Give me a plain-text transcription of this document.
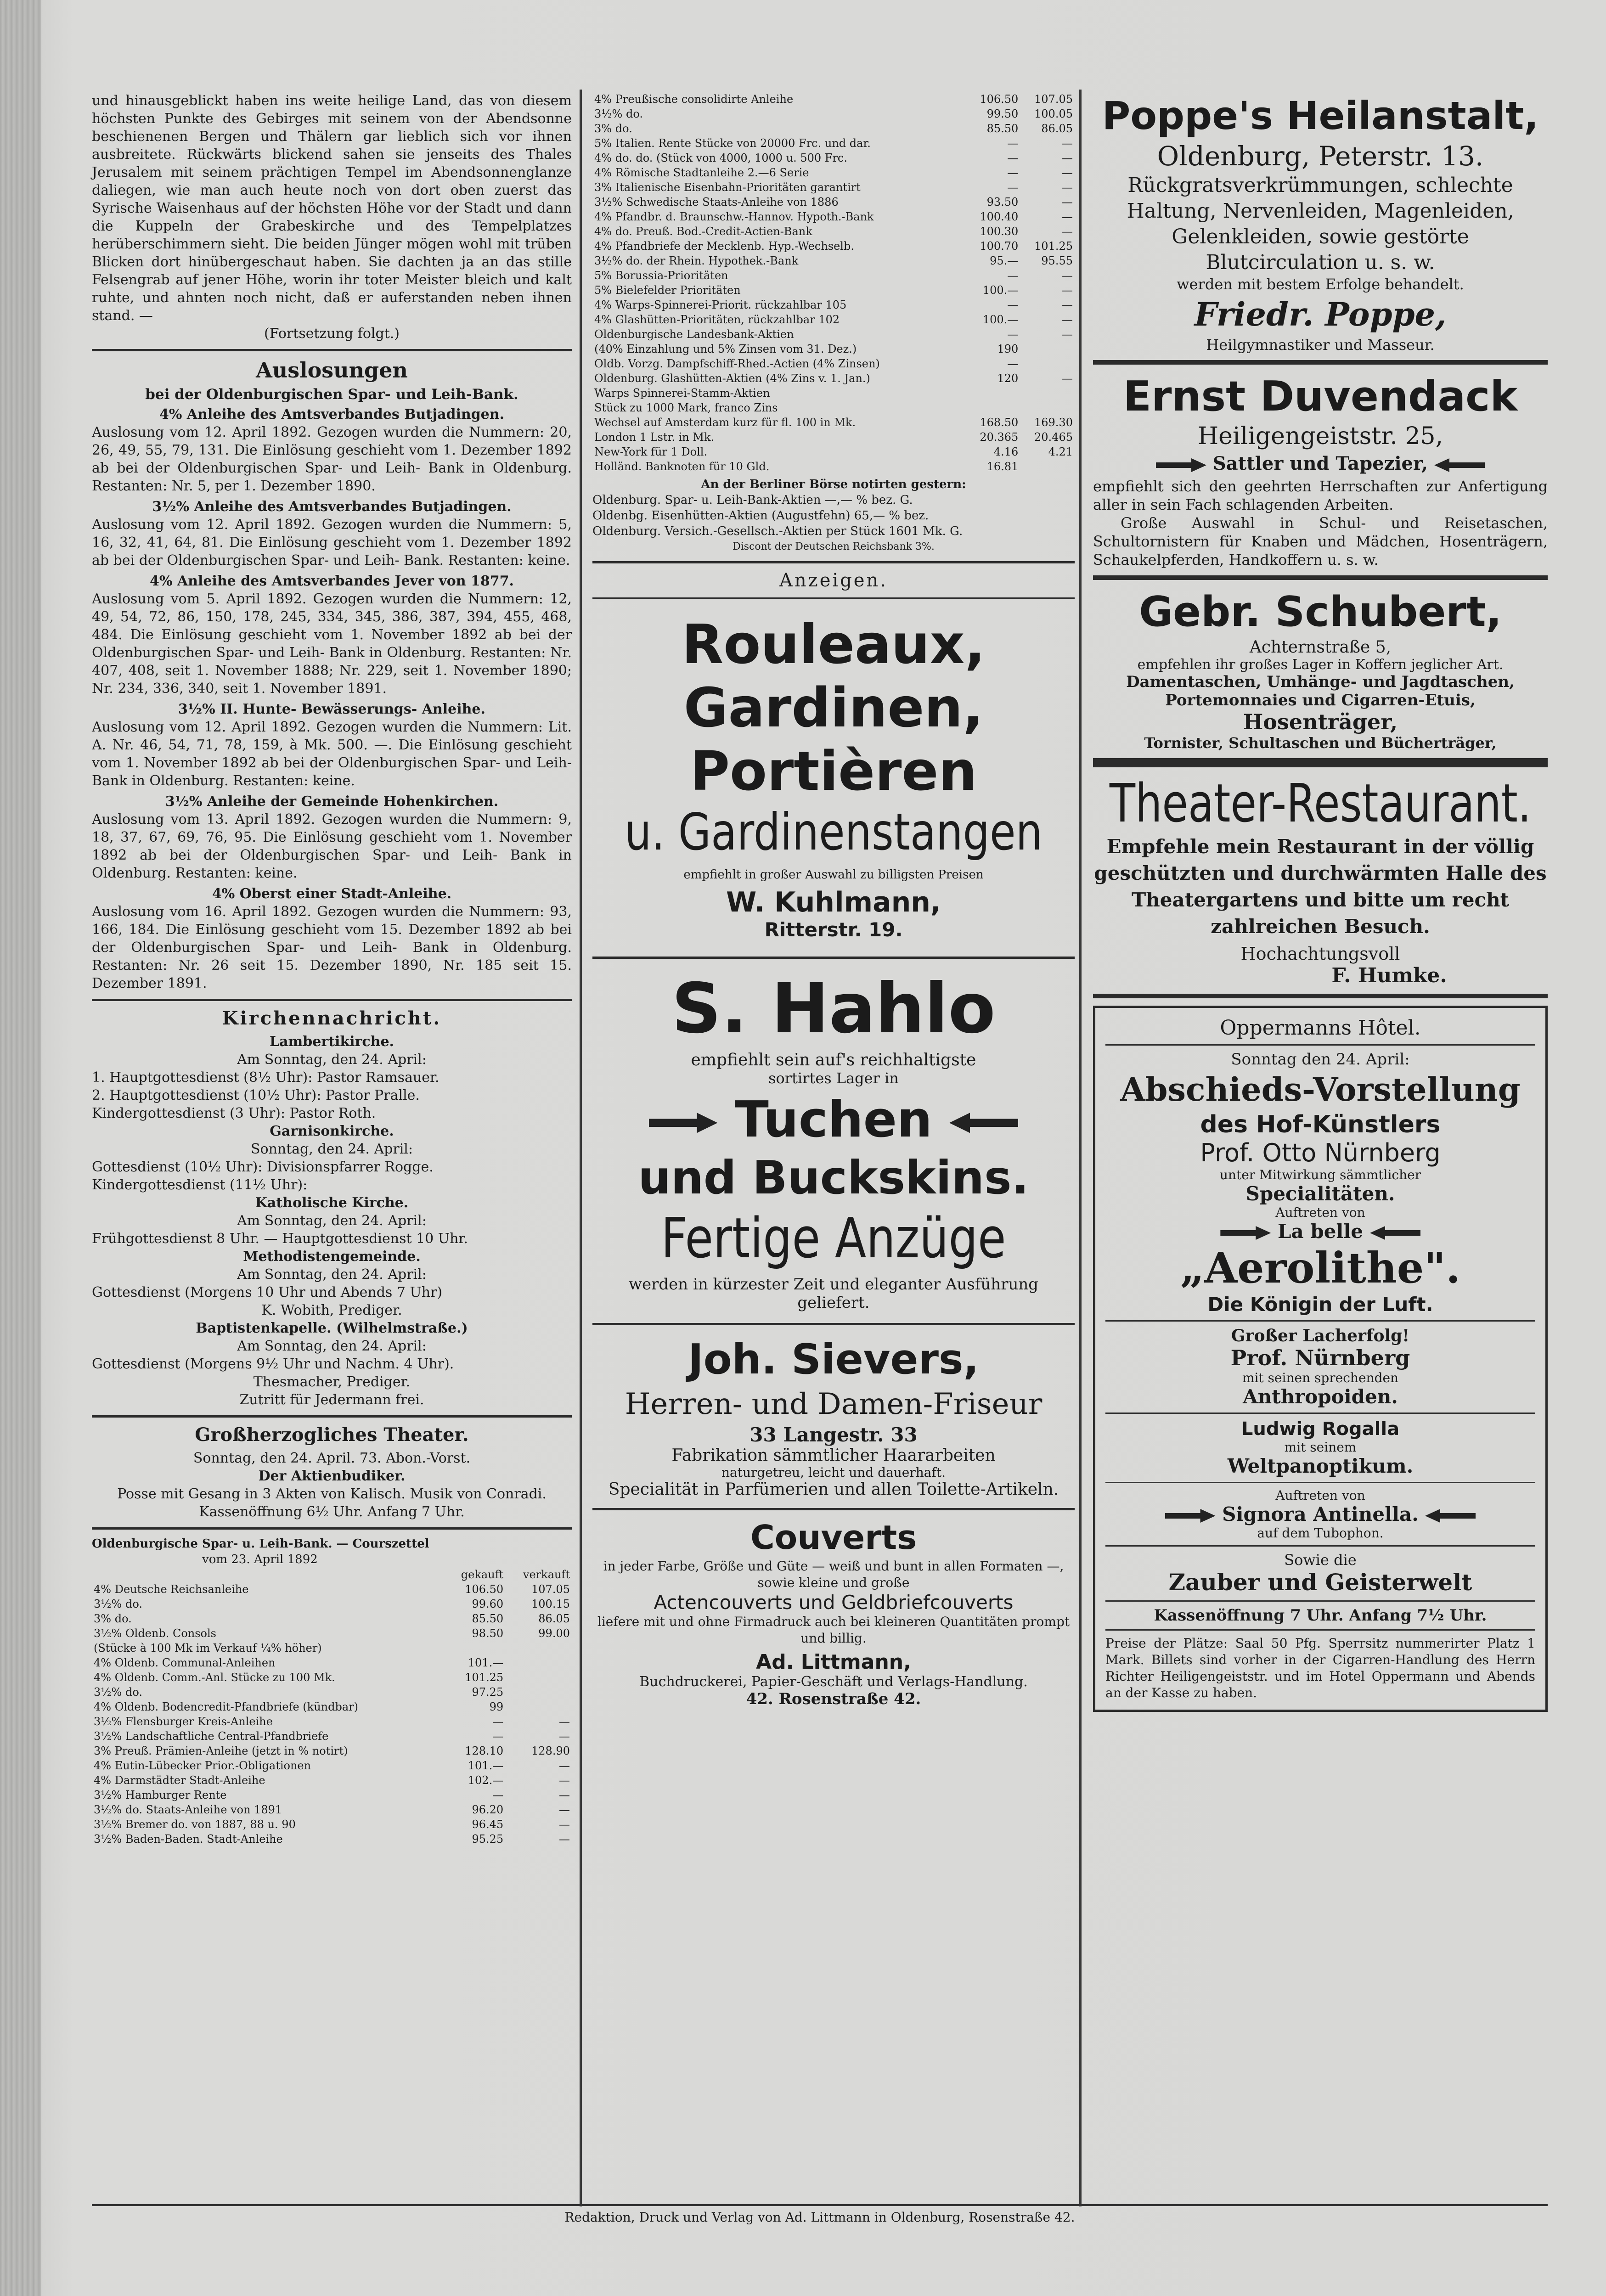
und hinausgeblickt haben ins weite heilige Land, das von diesem höchsten Punkte des Gebirges mit seinem von der Abendsonne beschienenen Bergen und Thälern gar lieblich sich vor ihnen ausbreitete. Rückwärts blickend sahen sie jenseits des Thales Jerusalem mit seinem prächtigen Tempel im Abendsonnenglanze daliegen, wie man auch heute noch von dort oben zuerst das Syrische Waisenhaus auf der höchsten Höhe vor der Stadt und dann die Kuppeln der Grabeskirche und des Tempelplatzes herüberschimmern sieht. Die beiden Jünger mögen wohl mit trüben Blicken dort hinübergeschaut haben. Sie dachten ja an das stille Felsengrab auf jener Höhe, worin ihr toter Meister bleich und kalt ruhte, und ahnten noch nicht, daß er auferstanden neben ihnen stand. —

(Fortsetzung folgt.)

Auslosungen
bei der Oldenburgischen Spar- und Leih-Bank.

4% Anleihe des Amtsverbandes Butjadingen.

Auslosung vom 12. April 1892. Gezogen wurden die Nummern: 20, 26, 49, 55, 79, 131. Die Einlösung geschieht vom 1. Dezember 1892 ab bei der Oldenburgischen Spar- und Leih- Bank in Oldenburg. Restanten: Nr. 5, per 1. Dezember 1890.

3½% Anleihe des Amtsverbandes Butjadingen.

Auslosung vom 12. April 1892. Gezogen wurden die Nummern: 5, 16, 32, 41, 64, 81. Die Einlösung geschieht vom 1. Dezember 1892 ab bei der Oldenburgischen Spar- und Leih- Bank. Restanten: keine.

4% Anleihe des Amtsverbandes Jever von 1877.

Auslosung vom 5. April 1892. Gezogen wurden die Nummern: 12, 49, 54, 72, 86, 150, 178, 245, 334, 345, 386, 387, 394, 455, 468, 484. Die Einlösung geschieht vom 1. November 1892 ab bei der Oldenburgischen Spar- und Leih- Bank in Oldenburg. Restanten: Nr. 407, 408, seit 1. November 1888; Nr. 229, seit 1. November 1890; Nr. 234, 336, 340, seit 1. November 1891.

3½% II. Hunte- Bewässerungs- Anleihe.

Auslosung vom 12. April 1892. Gezogen wurden die Nummern: Lit. A. Nr. 46, 54, 71, 78, 159, à Mk. 500. —. Die Einlösung geschieht vom 1. November 1892 ab bei der Oldenburgischen Spar- und Leih- Bank in Oldenburg. Restanten: keine.

3½% Anleihe der Gemeinde Hohenkirchen.

Auslosung vom 13. April 1892. Gezogen wurden die Nummern: 9, 18, 37, 67, 69, 76, 95. Die Einlösung geschieht vom 1. November 1892 ab bei der Oldenburgischen Spar- und Leih- Bank in Oldenburg. Restanten: keine.

4% Oberst einer Stadt-Anleihe.

Auslosung vom 16. April 1892. Gezogen wurden die Nummern: 93, 166, 184. Die Einlösung geschieht vom 15. Dezember 1892 ab bei der Oldenburgischen Spar- und Leih- Bank in Oldenburg. Restanten: Nr. 26 seit 15. Dezember 1890, Nr. 185 seit 15. Dezember 1891.

Kirchennachricht.

Lambertikirche.

Am Sonntag, den 24. April:

1. Hauptgottesdienst (8½ Uhr): Pastor Ramsauer.

2. Hauptgottesdienst (10½ Uhr): Pastor Pralle.

Kindergottesdienst (3 Uhr): Pastor Roth.

Garnisonkirche.

Sonntag, den 24. April:

Gottesdienst (10½ Uhr): Divisionspfarrer Rogge.

Kindergottesdienst (11½ Uhr):

Katholische Kirche.

Am Sonntag, den 24. April:

Frühgottesdienst 8 Uhr. — Hauptgottesdienst 10 Uhr.

Methodistengemeinde.

Am Sonntag, den 24. April:

Gottesdienst (Morgens 10 Uhr und Abends 7 Uhr)

K. Wobith, Prediger.

Baptistenkapelle. (Wilhelmstraße.)

Am Sonntag, den 24. April:

Gottesdienst (Morgens 9½ Uhr und Nachm. 4 Uhr).

Thesmacher, Prediger.

Zutritt für Jedermann frei.

Großherzogliches Theater.

Sonntag, den 24. April. 73. Abon.-Vorst.

Der Aktienbudiker.

Posse mit Gesang in 3 Akten von Kalisch. Musik von Conradi.

Kassenöffnung 6½ Uhr. Anfang 7 Uhr.

Oldenburgische Spar- u. Leih-Bank. — Courszettel

vom 23. April 1892

	gekauft	verkauft
4% Deutsche Reichsanleihe	106.50	107.05
3½% do.	99.60	100.15
3% do.	85.50	86.05
3½% Oldenb. Consols	98.50	99.00
(Stücke à 100 Mk im Verkauf ¼% höher)		
4% Oldenb. Communal-Anleihen	101.—	
4% Oldenb. Comm.-Anl. Stücke zu 100 Mk.	101.25	
3½% do.	97.25	
4% Oldenb. Bodencredit-Pfandbriefe (kündbar)	99	
3½% Flensburger Kreis-Anleihe	—	—
3½% Landschaftliche Central-Pfandbriefe	—	—
3% Preuß. Prämien-Anleihe (jetzt in % notirt)	128.10	128.90
4% Eutin-Lübecker Prior.-Obligationen	101.—	—
4% Darmstädter Stadt-Anleihe	102.—	—
3½% Hamburger Rente	—	—
3½% do. Staats-Anleihe von 1891	96.20	—
3½% Bremer do. von 1887, 88 u. 90	96.45	—
3½% Baden-Baden. Stadt-Anleihe	95.25	—
4% Preußische consolidirte Anleihe	106.50	107.05
3½% do.	99.50	100.05
3% do.	85.50	86.05
5% Italien. Rente Stücke von 20000 Frc. und dar.	—	—
4% do. do. (Stück von 4000, 1000 u. 500 Frc.	—	—
4% Römische Stadtanleihe 2.—6 Serie	—	—
3% Italienische Eisenbahn-Prioritäten garantirt	—	—
3½% Schwedische Staats-Anleihe von 1886	93.50	—
4% Pfandbr. d. Braunschw.-Hannov. Hypoth.-Bank	100.40	—
4% do. Preuß. Bod.-Credit-Actien-Bank	100.30	—
4% Pfandbriefe der Mecklenb. Hyp.-Wechselb.	100.70	101.25
3½% do. der Rhein. Hypothek.-Bank	95.—	95.55
5% Borussia-Prioritäten	—	—
5% Bielefelder Prioritäten	100.—	—
4% Warps-Spinnerei-Priorit. rückzahlbar 105	—	—
4% Glashütten-Prioritäten, rückzahlbar 102	100.—	—
Oldenburgische Landesbank-Aktien	—	—
(40% Einzahlung und 5% Zinsen vom 31. Dez.)	190	
Oldb. Vorzg. Dampfschiff-Rhed.-Actien (4% Zinsen)	—	
Oldenburg. Glashütten-Aktien (4% Zins v. 1. Jan.)	120	—
Warps Spinnerei-Stamm-Aktien		
Stück zu 1000 Mark, franco Zins		
Wechsel auf Amsterdam kurz für fl. 100 in Mk.	168.50	169.30
London 1 Lstr. in Mk.	20.365	20.465
New-York für 1 Doll.	4.16	4.21
Holländ. Banknoten für 10 Gld.	16.81	

An der Berliner Börse notirten gestern:

Oldenburg. Spar- u. Leih-Bank-Aktien —,— % bez. G.

Oldenbg. Eisenhütten-Aktien (Augustfehn) 65,— % bez.

Oldenburg. Versich.-Gesellsch.-Aktien per Stück 1601 Mk. G.

Discont der Deutschen Reichsbank 3%.

Anzeigen.

Rouleaux,
Gardinen,
Portièren
u. Gardinenstangen

empfiehlt in großer Auswahl zu billigsten Preisen

W. Kuhlmann,
Ritterstr. 19.
S. Hahlo

empfiehlt sein auf's reichhaltigste

sortirtes Lager in

Tuchen
und Buckskins.
Fertige Anzüge

werden in kürzester Zeit und eleganter Ausführung geliefert.

Joh. Sievers,
Herren- und Damen-Friseur
33 Langestr. 33

Fabrikation sämmtlicher Haararbeiten

naturgetreu, leicht und dauerhaft.

Specialität in Parfümerien und allen Toilette-Artikeln.

Couverts

in jeder Farbe, Größe und Güte — weiß und bunt in allen Formaten —, sowie kleine und große

Actencouverts und Geldbriefcouverts

liefere mit und ohne Firmadruck auch bei kleineren Quantitäten prompt und billig.

Ad. Littmann,

Buchdruckerei, Papier-Geschäft und Verlags-Handlung.

42. Rosenstraße 42.

Poppe's Heilanstalt,
Oldenburg, Peterstr. 13.

Rückgratsverkrümmungen, schlechte Haltung, Nervenleiden, Magenleiden, Gelenkleiden, sowie gestörte Blutcirculation u. s. w.

werden mit bestem Erfolge behandelt.

Friedr. Poppe,

Heilgymnastiker und Masseur.

Ernst Duvendack
Heiligengeiststr. 25,
Sattler und Tapezier,

empfiehlt sich den geehrten Herrschaften zur Anfertigung aller in sein Fach schlagenden Arbeiten.

Große Auswahl in Schul- und Reisetaschen, Schultornistern für Knaben und Mädchen, Hosenträgern, Schaukelpferden, Handkoffern u. s. w.

Gebr. Schubert,
Achternstraße 5,

empfehlen ihr großes Lager in Koffern jeglicher Art.

Damentaschen, Umhänge- und Jagdtaschen,

Portemonnaies und Cigarren-Etuis,

Hosenträger,

Tornister, Schultaschen und Bücherträger,

Theater-Restaurant.

Empfehle mein Restaurant in der völlig geschützten und durchwärmten Halle des Theatergartens und bitte um recht zahlreichen Besuch.

Hochachtungsvoll

F. Humke.

Oppermanns Hôtel.
Sonntag den 24. April:
Abschieds-Vorstellung
des Hof-Künstlers
Prof. Otto Nürnberg
unter Mitwirkung sämmtlicher
Specialitäten.
Auftreten von
La belle
„Aerolithe".
Die Königin der Luft.
Großer Lacherfolg!
Prof. Nürnberg
mit seinen sprechenden
Anthropoiden.
Ludwig Rogalla
mit seinem
Weltpanoptikum.
Auftreten von
Signora Antinella.
auf dem Tubophon.
Sowie die
Zauber und Geisterwelt
Kassenöffnung 7 Uhr. Anfang 7½ Uhr.

Preise der Plätze: Saal 50 Pfg. Sperrsitz nummerirter Platz 1 Mark. Billets sind vorher in der Cigarren-Handlung des Herrn Richter Heiligengeiststr. und im Hotel Oppermann und Abends an der Kasse zu haben.

Redaktion, Druck und Verlag von Ad. Littmann in Oldenburg, Rosenstraße 42.
